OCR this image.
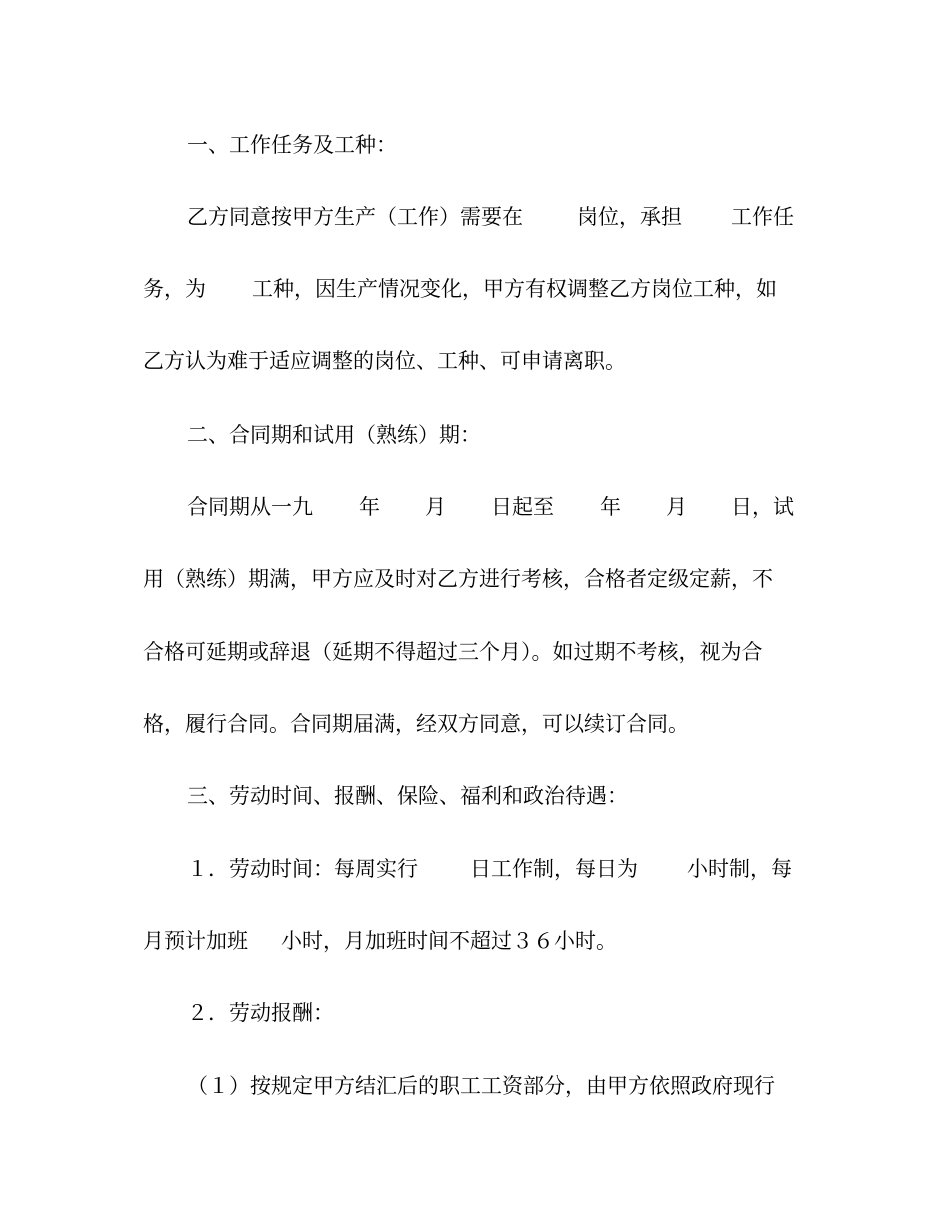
一、工作任务及工种：

乙方同意按甲方生产（工作）需要在

	岗位，承担

工作任

务，为

工种，因生产情况变化，甲方有权调整乙方岗位工种，如

乙方认为难于适应调整的岗位、工种、可申请离职。

二、合同期和试用（熟练）期：

合同期从一九

年

月

日起至

年

月

日，试

用（熟练）期满，甲方应及时对乙方进行考核，合格者定级定薪，不

合格可延期或辞退（延期不得超过三个月）。如过期不考核，视为合

格，履行合同。合同期届满，经双方同意，可以续订合同。

三、劳动时间、报酬、保险、福利和政治待遇：

１．劳动时间：每周实行

日工作制，每日为

小时制，每

月预计加班

小时，月加班时间不超过３６小时。

２．劳动报酬：

（１）按规定甲方结汇后的职工工资部分，由甲方依照政府现行
